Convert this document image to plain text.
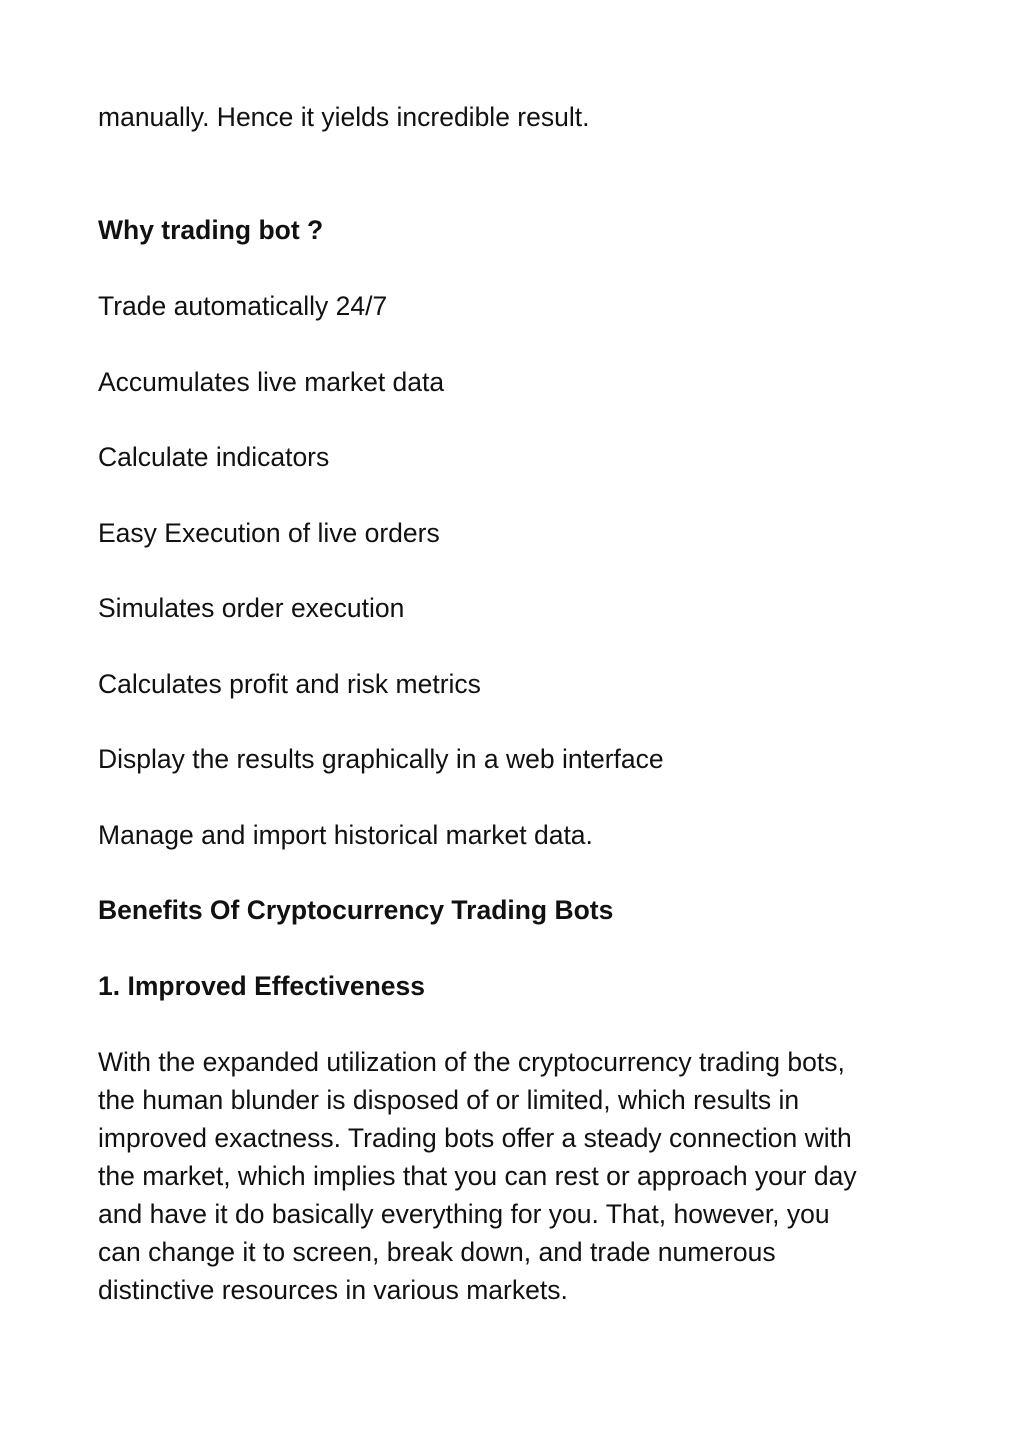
manually. Hence it yields incredible result.

Why trading bot ?

Trade automatically 24/7

Accumulates live market data

Calculate indicators

Easy Execution of live orders

Simulates order execution

Calculates profit and risk metrics

Display the results graphically in a web interface

Manage and import historical market data.

Benefits Of Cryptocurrency Trading Bots

1. Improved Effectiveness

With the expanded utilization of the cryptocurrency trading bots,
the human blunder is disposed of or limited, which results in
improved exactness. Trading bots offer a steady connection with
the market, which implies that you can rest or approach your day
and have it do basically everything for you. That, however, you
can change it to screen, break down, and trade numerous
distinctive resources in various markets.
